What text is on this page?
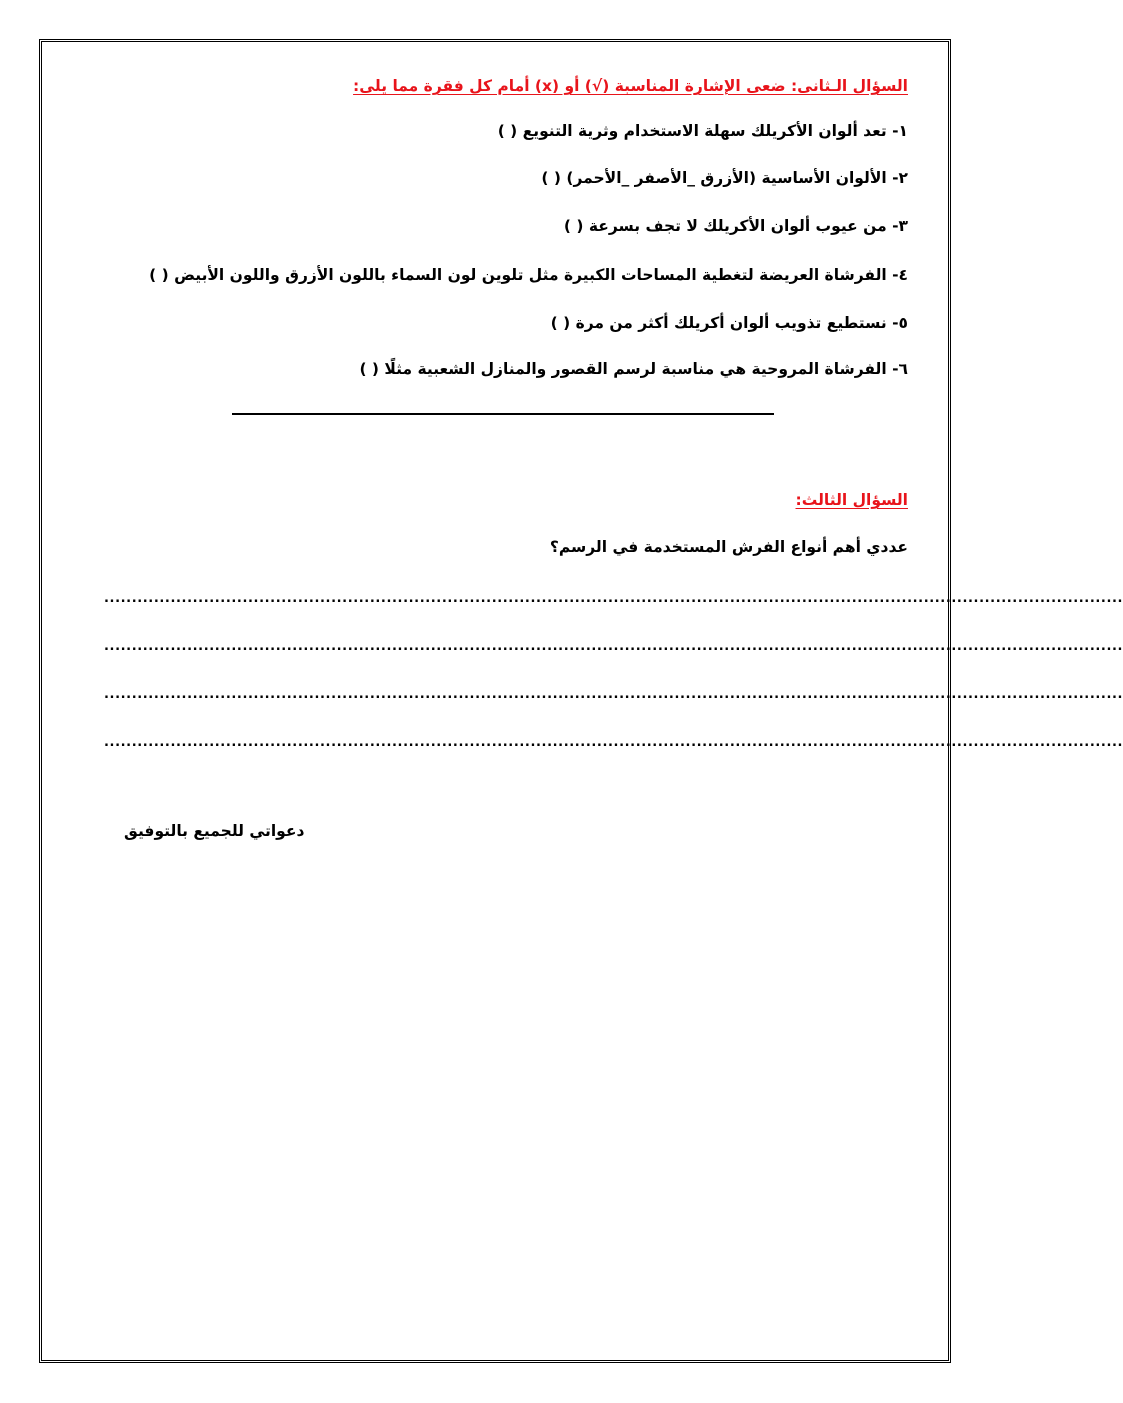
السؤال الـثانى: ضعى الإشارة المناسبة (√) أو (x) أمام كل فقرة مما يلى:
١- تعد ألوان الأكريلك سهلة الاستخدام وثرية التنويع ( )
٢- الألوان الأساسية (الأزرق _الأصفر _الأحمر) ( )
٣- من عيوب ألوان الأكريلك لا تجف بسرعة ( )
٤- الفرشاة العريضة لتغطية المساحات الكبيرة مثل تلوين لون السماء باللون الأزرق واللون الأبيض ( )
٥- نستطيع تذويب ألوان أكريلك أكثر من مرة ( )
٦- الفرشاة المروحية هي مناسبة لرسم القصور والمنازل الشعبية مثلًا ( )
السؤال الثالث:
عددي أهم أنواع الفرش المستخدمة في الرسم؟
........................................................................................................................................................................................
........................................................................................................................................................................................
........................................................................................................................................................................................
........................................................................................................................................................................................
دعواتي للجميع بالتوفيق
